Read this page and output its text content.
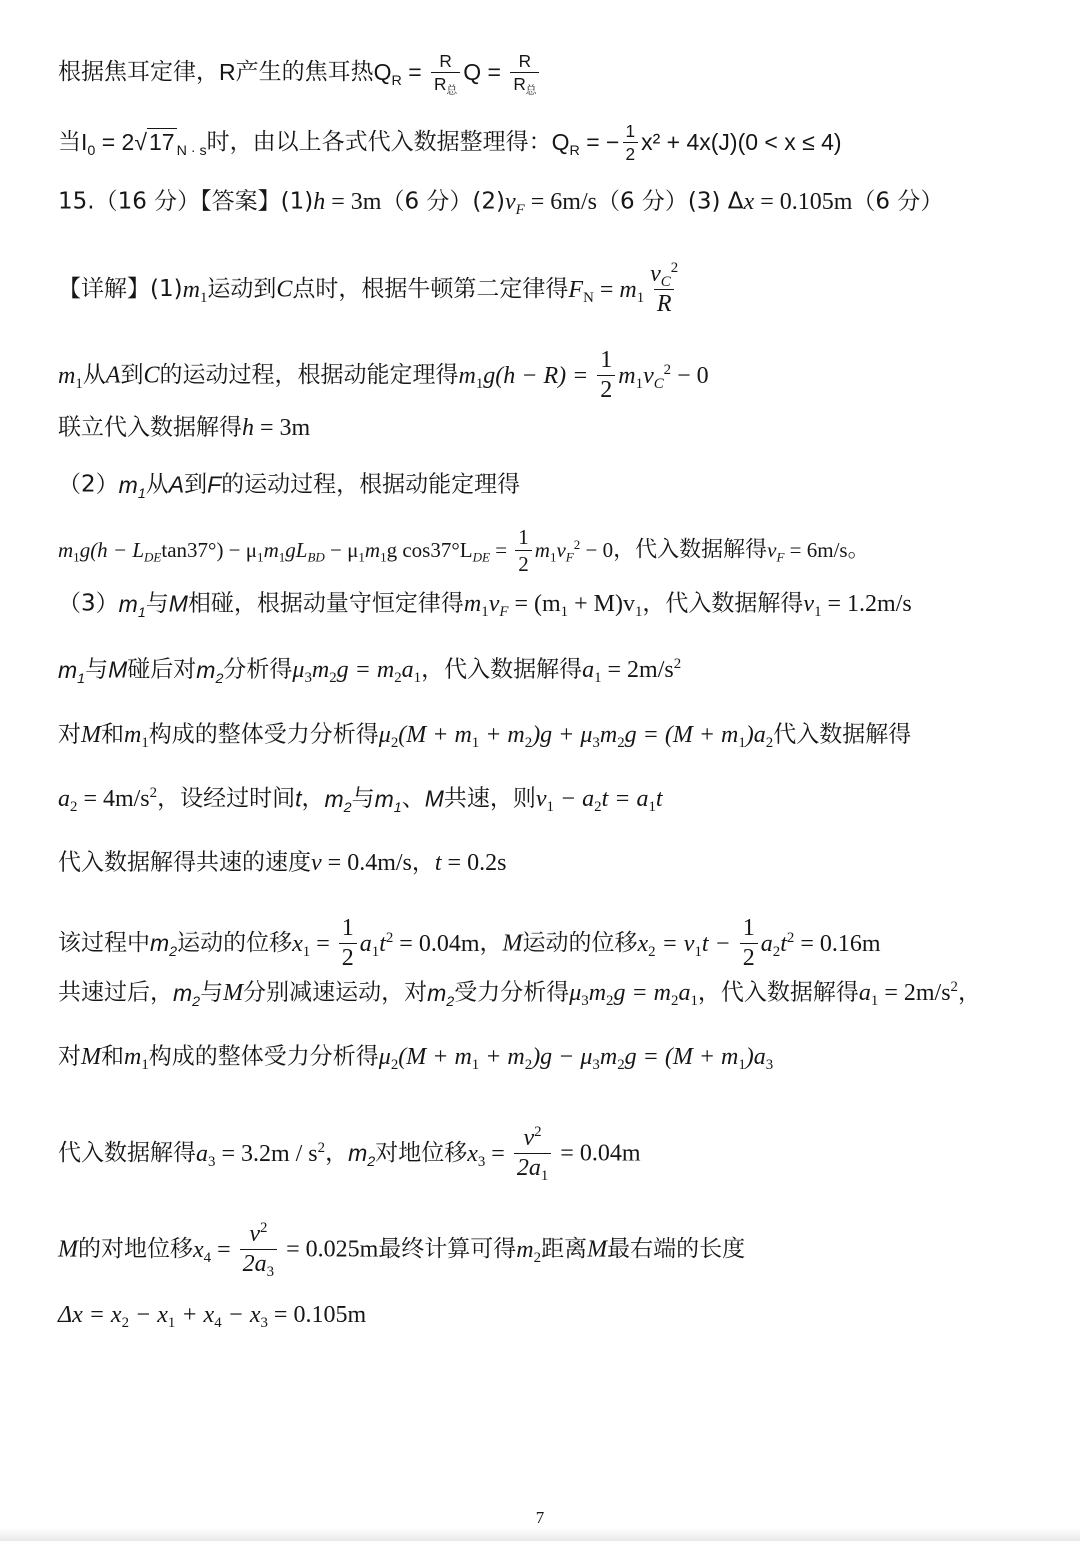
根据焦耳定律，R产生的焦耳热$Q_R = \frac{R}{R_总}$ $Q = \frac{R}{R_总}$
当$I_0 = 2√17$ $_{N \cdot s}$时，由以上各式代入数据整理得：$Q_R$ = − $\frac{1}{2} x^2 + 4x(J)(0 < x \le 4)$
15.（16 分）【答案】(1)h = 3m（6 分）$(2)v_F = 6m/s(6$ 分）(3) Δx = 0.105m（6 分）
【详解】$(1)m_1$运动到C点时，根据牛顿第二定律得$F_N = m_1 \frac{v_C^2}{R}$
$m_1$从A到C的运动过程，根据动能定理得$m_1g(h - R) = \frac{1}{2} m_1v_C^2 - 0$
联立代入数据解得h = 3m
$(2)m_1$从A到F的运动过程，根据动能定理得
$m_1g(h - L_{DE}\tan 37^\circ) - \mu_1m_1gL_{BD} - \mu_1m_1g$ $\cos 37^\circ L_{DE} = \frac{1}{2} m_1v_F^2 - 0$，代入数据解得$v_F = 6m/s$。
$(3)m_1$与M相碰，根据动量守恒定律得$m_1v_F = (m_1 + M)v_1$，代入数据解得$v_1 = 1.2m/s$
$m_1$与M碰后对$m_2$分析得$\mu_3m_2g = m_2a_1$，代入数据解得$a_1 = 2m/s^2$
对M和$m_1$构成的整体受力分析得$\mu_2(M + m_1 + m_2)g + \mu_3m_2g = (M + m_1)a_2$代入数据解得
$a_2 = 4m/s^2$，设经过时间t，$m_2$与$m_1$、M共速，则$v_1 - a_2t = a_1t$
代入数据解得共速的速度v = 0.4m/s，t = 0.2s
该过程中$m_2$运动的位移$x_1 = \frac{1}{2} a_1t^2 = 0.04m$，M运动的位移$x_2 = v_1t - \frac{1}{2} a_2t^2 = 0.16m$
共速过后，$m_2$与M分别减速运动，对$m_2$受力分析得$\mu_3m_2g = m_2a_1$，代入数据解得$a_1 = 2m/s^2$，
对M和$m_1$构成的整体受力分析得$\mu_2(M + m_1 + m_2)g - \mu_3m_2g = (M + m_1)a_3$
代入数据解得$a_3 = 3.2m / s^2$，$m_2$对地位移$x_3 = \frac{v^2}{2a_1} = 0.04m$
M的对地位移$x_4 = \frac{v^2}{2a_3} = 0.025m$最终计算可得$m_2$距离M最右端的长度
$\Delta x = x_2 - x_1 + x_4 - x_3 = 0.105m$
7
